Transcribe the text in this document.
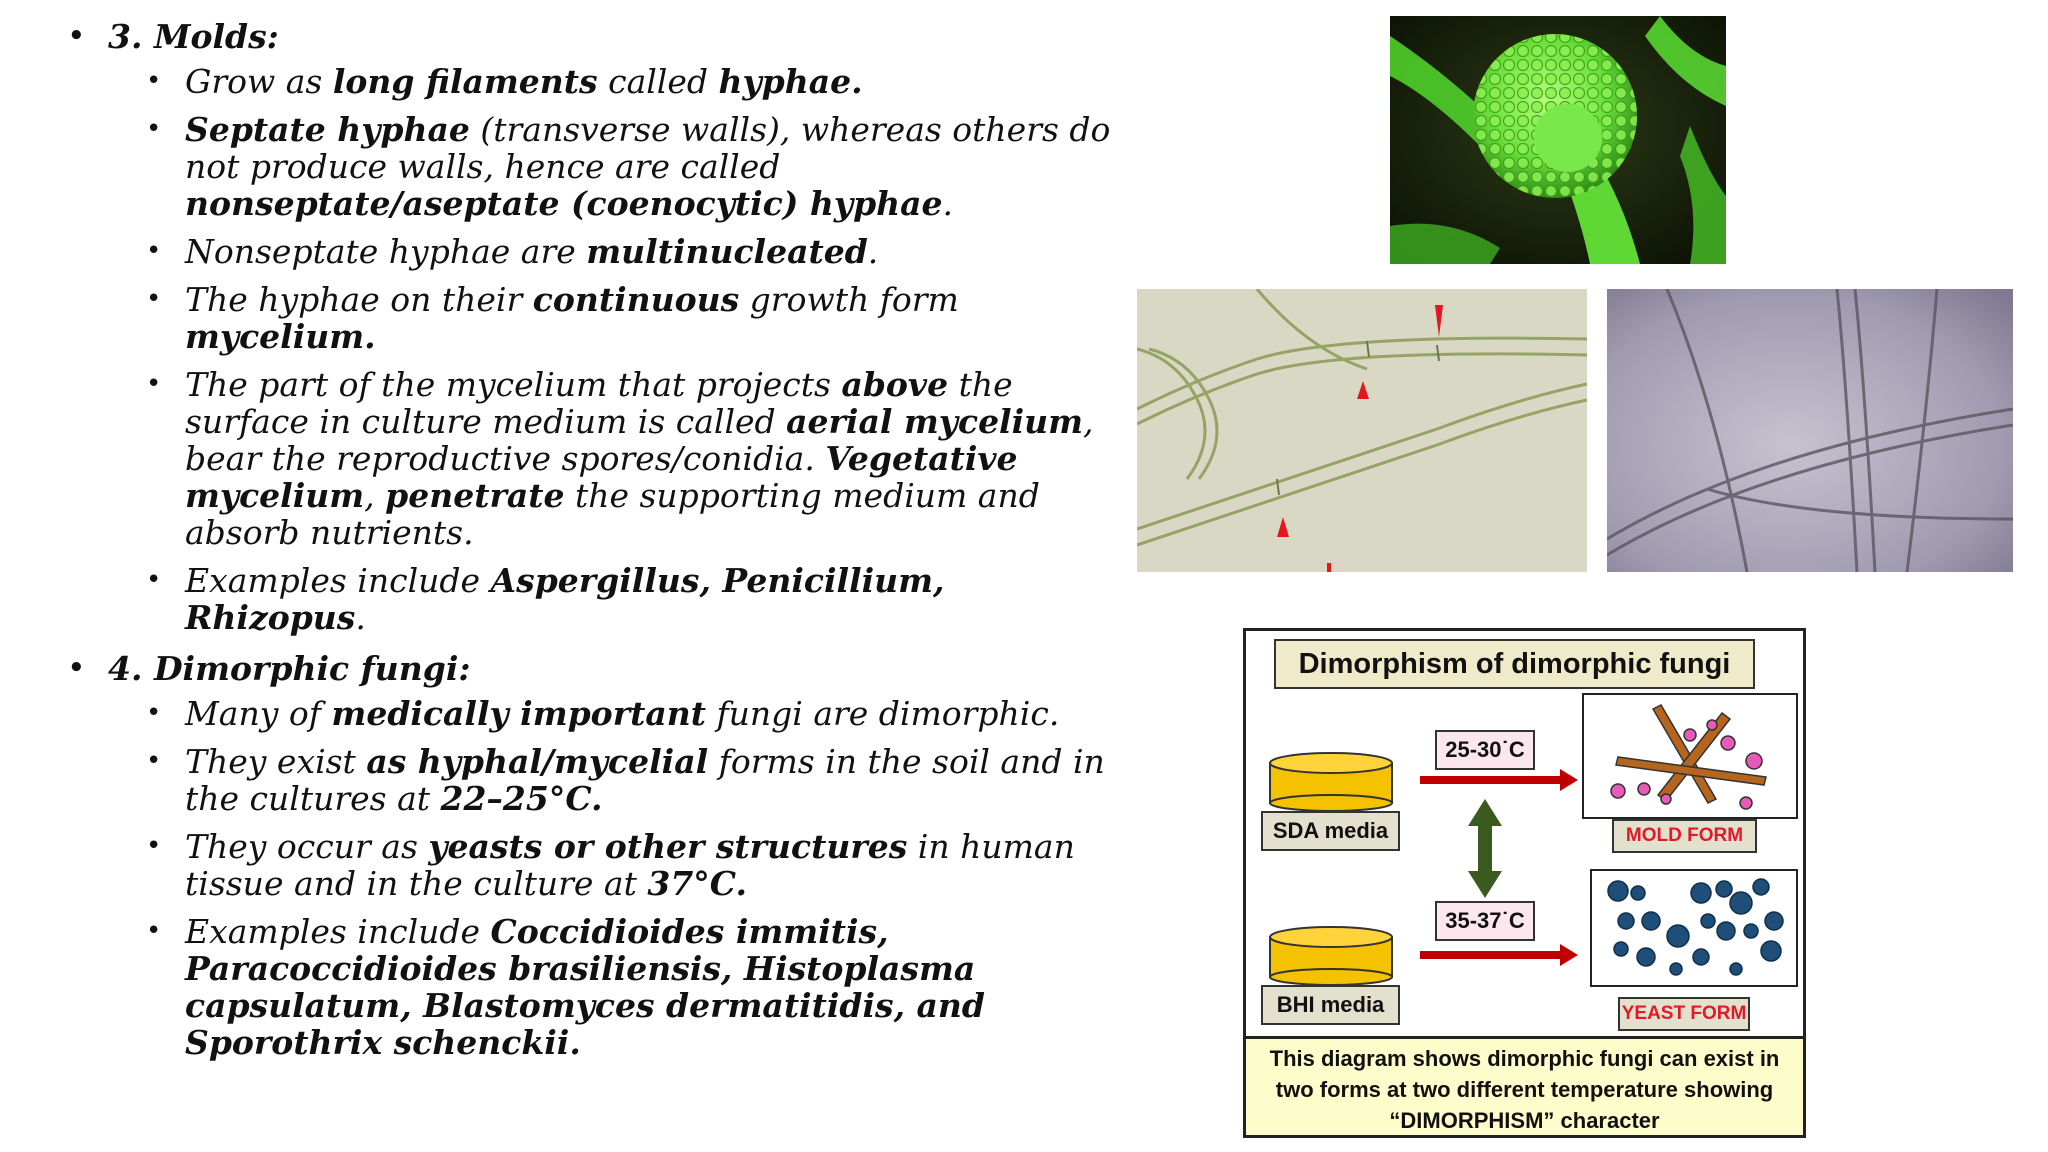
• 3. Molds:
• Grow as long filaments called hyphae.
• Septate hyphae (transverse walls), whereas others do not produce walls, hence are called nonseptate/aseptate (coenocytic) hyphae.
• Nonseptate hyphae are multinucleated.
• The hyphae on their continuous growth form mycelium.
• The part of the mycelium that projects above the surface in culture medium is called aerial mycelium, bear the reproductive spores/conidia. Vegetative mycelium, penetrate the supporting medium and absorb nutrients.
• Examples include Aspergillus, Penicillium, Rhizopus.
• 4. Dimorphic fungi:
• Many of medically important fungi are dimorphic.
• They exist as hyphal/mycelial forms in the soil and in the cultures at 22–25°C.
• They occur as yeasts or other structures in human tissue and in the culture at 37°C.
• Examples include Coccidioides immitis, Paracoccidioides brasiliensis, Histoplasma capsulatum, Blastomyces dermatitidis, and Sporothrix schenckii.
Dimorphism of dimorphic fungi
SDA media
BHI media
25-30˙C
35-37˙C
MOLD FORM
YEAST FORM
This diagram shows dimorphic fungi can exist in
two forms at two different temperature showing
“DIMORPHISM” character
